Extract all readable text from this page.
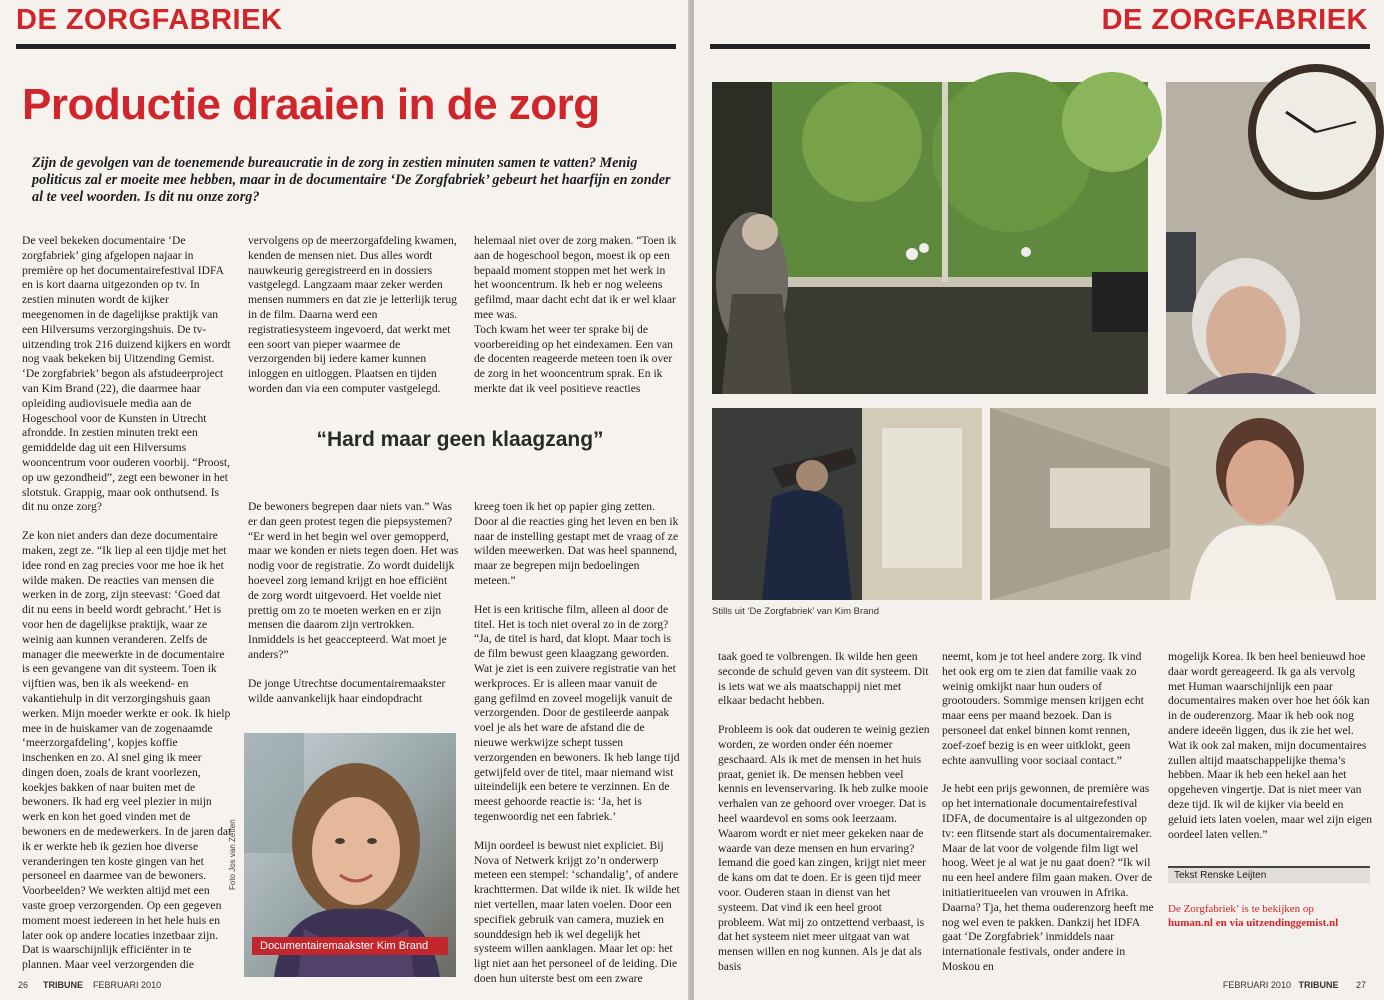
DE ZORGFABRIEK
Productie draaien in de zorg
Zijn de gevolgen van de toenemende bureaucratie in de zorg in zestien minuten samen te vatten? Menig politicus zal er moeite mee hebben, maar in de documentaire ‘De Zorgfabriek’ gebeurt het haarfijn en zonder al te veel woorden. Is dit nu onze zorg?

De veel bekeken documentaire ‘De zorgfabriek’ ging afgelopen najaar in première op het documentairefestival IDFA en is kort daarna uitgezonden op tv. In zestien minuten wordt de kijker meegenomen in de dagelijkse praktijk van een Hilversums verzorgingshuis. De tv-uitzending trok 216 duizend kijkers en wordt nog vaak bekeken bij Uitzending Gemist. ‘De zorgfabriek’ begon als afstudeerproject van Kim Brand (22), die daarmee haar opleiding audiovisuele media aan de Hogeschool voor de Kunsten in Utrecht afrondde. In zestien minuten trekt een gemiddelde dag uit een Hilversums wooncentrum voor ouderen voorbij. “Proost, op uw gezondheid”, zegt een bewoner in het slotstuk. Grappig, maar ook onthutsend. Is dit nu onze zorg?

Ze kon niet anders dan deze documentaire maken, zegt ze. “Ik liep al een tijdje met het idee rond en zag precies voor me hoe ik het wilde maken. De reacties van mensen die werken in de zorg, zijn steevast: ‘Goed dat dit nu eens in beeld wordt gebracht.’ Het is voor hen de dagelijkse praktijk, waar ze weinig aan kunnen veranderen. Zelfs de manager die meewerkte in de documentaire is een gevangene van dit systeem. Toen ik vijftien was, ben ik als weekend- en vakantiehulp in dit verzorgingshuis gaan werken. Mijn moeder werkte er ook. Ik hielp mee in de huiskamer van de zogenaamde ‘meerzorgafdeling’, kopjes koffie inschenken en zo. Al snel ging ik meer dingen doen, zoals de krant voorlezen, koekjes bakken of naar buiten met de bewoners. Ik had erg veel plezier in mijn werk en kon het goed vinden met de bewoners en de medewerkers. In de jaren dat ik er werkte heb ik gezien hoe diverse veranderingen ten koste gingen van het personeel en daarmee van de bewoners. Voorbeelden? We werkten altijd met een vaste groep verzorgenden. Op een gegeven moment moest iedereen in het hele huis en later ook op andere locaties inzetbaar zijn. Dat is waarschijnlijk efficiënter in te plannen. Maar veel verzorgenden die

vervolgens op de meerzorgafdeling kwamen, kenden de mensen niet. Dus alles wordt nauwkeurig geregistreerd en in dossiers vastgelegd. Langzaam maar zeker werden mensen nummers en dat zie je letterlijk terug in de film. Daarna werd een registratiesysteem ingevoerd, dat werkt met een soort van pieper waarmee de verzorgenden bij iedere kamer kunnen inloggen en uitloggen. Plaatsen en tijden worden dan via een computer vastgelegd.

helemaal niet over de zorg maken. “Toen ik aan de hogeschool begon, moest ik op een bepaald moment stoppen met het werk in het wooncentrum. Ik heb er nog weleens gefilmd, maar dacht echt dat ik er wel klaar mee was.

Toch kwam het weer ter sprake bij de voorbereiding op het eindexamen. Een van de docenten reageerde meteen toen ik over de zorg in het wooncentrum sprak. En ik merkte dat ik veel positieve reacties

“Hard maar geen klaagzang”

De bewoners begrepen daar niets van.” Was er dan geen protest tegen die piepsystemen? “Er werd in het begin wel over gemopperd, maar we konden er niets tegen doen. Het was nodig voor de registratie. Zo wordt duidelijk hoeveel zorg iemand krijgt en hoe efficiënt de zorg wordt uitgevoerd. Het voelde niet prettig om zo te moeten werken en er zijn mensen die daarom zijn vertrokken. Inmiddels is het geaccepteerd. Wat moet je anders?”

De jonge Utrechtse documentairemaakster wilde aanvankelijk haar eindopdracht

kreeg toen ik het op papier ging zetten. Door al die reacties ging het leven en ben ik naar de instelling gestapt met de vraag of ze wilden meewerken. Dat was heel spannend, maar ze begrepen mijn bedoelingen meteen.”

Het is een kritische film, alleen al door de titel. Het is toch niet overal zo in de zorg? “Ja, de titel is hard, dat klopt. Maar toch is de film bewust geen klaagzang geworden. Wat je ziet is een zuivere registratie van het werkproces. Er is alleen maar vanuit de gang gefilmd en zoveel mogelijk vanuit de verzorgenden. Door de gestileerde aanpak voel je als het ware de afstand die de nieuwe werkwijze schept tussen verzorgenden en bewoners. Ik heb lange tijd getwijfeld over de titel, maar niemand wist uiteindelijk een betere te verzinnen. En de meest gehoorde reactie is: ‘Ja, het is tegenwoordig net een fabriek.’

Mijn oordeel is bewust niet expliciet. Bij Nova of Netwerk krijgt zo’n onderwerp meteen een stempel: ‘schandalig’, of andere krachttermen. Dat wilde ik niet. Ik wilde het niet vertellen, maar laten voelen. Door een specifiek gebruik van camera, muziek en sounddesign heb ik wel degelijk het systeem willen aanklagen. Maar let op: het ligt niet aan het personeel of de leiding. Die doen hun uiterste best om een zware

Documentairemaakster Kim Brand
Foto Jos van Zetten
26 TRIBUNE FEBRUARI 2010
DE ZORGFABRIEK
Stills uit ‘De Zorgfabriek’ van Kim Brand

taak goed te volbrengen. Ik wilde hen geen seconde de schuld geven van dit systeem. Dit is iets wat we als maatschappij niet met elkaar bedacht hebben.

Probleem is ook dat ouderen te weinig gezien worden, ze worden onder één noemer geschaard. Als ik met de mensen in het huis praat, geniet ik. De mensen hebben veel kennis en levenservaring. Ik heb zulke mooie verhalen van ze gehoord over vroeger. Dat is heel waardevol en soms ook leerzaam. Waarom wordt er niet meer gekeken naar de waarde van deze mensen en hun ervaring? Iemand die goed kan zingen, krijgt niet meer de kans om dat te doen. Er is geen tijd meer voor. Ouderen staan in dienst van het systeem. Dat vind ik een heel groot probleem. Wat mij zo ontzettend verbaast, is dat het systeem niet meer uitgaat van wat mensen willen en nog kunnen. Als je dat als basis

neemt, kom je tot heel andere zorg. Ik vind het ook erg om te zien dat familie vaak zo weinig omkijkt naar hun ouders of grootouders. Sommige mensen krijgen echt maar eens per maand bezoek. Dan is personeel dat enkel binnen komt rennen, zoef-zoef bezig is en weer uitklokt, geen echte aanvulling voor sociaal contact.”

Je hebt een prijs gewonnen, de première was op het internationale documentairefestival IDFA, de documentaire is al uitgezonden op tv: een flitsende start als documentairemaker. Maar de lat voor de volgende film ligt wel hoog. Weet je al wat je nu gaat doen? “Ik wil nu een heel andere film gaan maken. Over de initiatieritueelen van vrouwen in Afrika. Daarna? Tja, het thema ouderenzorg heeft me nog wel even te pakken. Dankzij het IDFA gaat ‘De Zorgfabriek’ inmiddels naar internationale festivals, onder andere in Moskou en

mogelijk Korea. Ik ben heel benieuwd hoe daar wordt gereageerd. Ik ga als vervolg met Human waarschijnlijk een paar documentaires maken over hoe het óók kan in de ouderenzorg. Maar ik heb ook nog andere ideeën liggen, dus ik zie het wel. Wat ik ook zal maken, mijn documentaires zullen altijd maatschappelijke thema’s hebben. Maar ik heb een hekel aan het opgeheven vingertje. Dat is niet meer van deze tijd. Ik wil de kijker via beeld en geluid iets laten voelen, maar wel zijn eigen oordeel laten vellen.”

Tekst Renske Leijten
De Zorgfabriek’ is te bekijken op
human.nl en via uitzendinggemist.nl
FEBRUARI 2010 TRIBUNE 27
